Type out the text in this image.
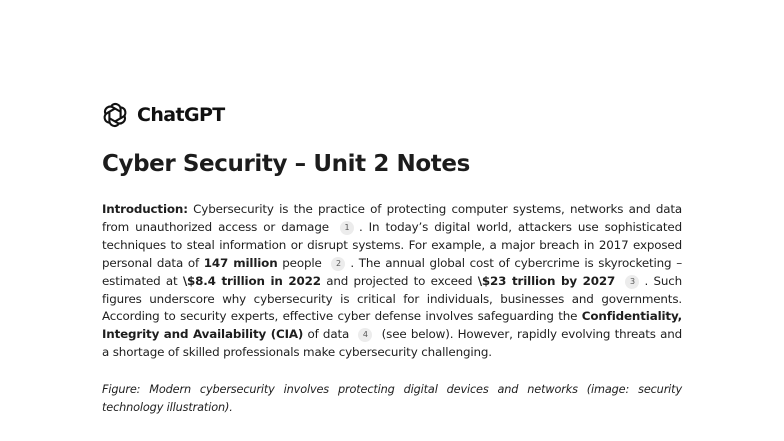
ChatGPT
Cyber Security – Unit 2 Notes

Introduction: Cybersecurity is the practice of protecting computer systems, networks and data from unauthorized access or damage 1 . In today’s digital world, attackers use sophisticated techniques to steal information or disrupt systems. For example, a major breach in 2017 exposed personal data of 147 million people 2 . The annual global cost of cybercrime is skyrocketing – estimated at \$8.4 trillion in 2022 and projected to exceed \$23 trillion by 2027 3 . Such figures underscore why cybersecurity is critical for individuals, businesses and governments. According to security experts, effective cyber defense involves safeguarding the Confidentiality, Integrity and Availability (CIA) of data 4 (see below). However, rapidly evolving threats and a shortage of skilled professionals make cybersecurity challenging.

Figure: Modern cybersecurity involves protecting digital devices and networks (image: security technology illustration).
